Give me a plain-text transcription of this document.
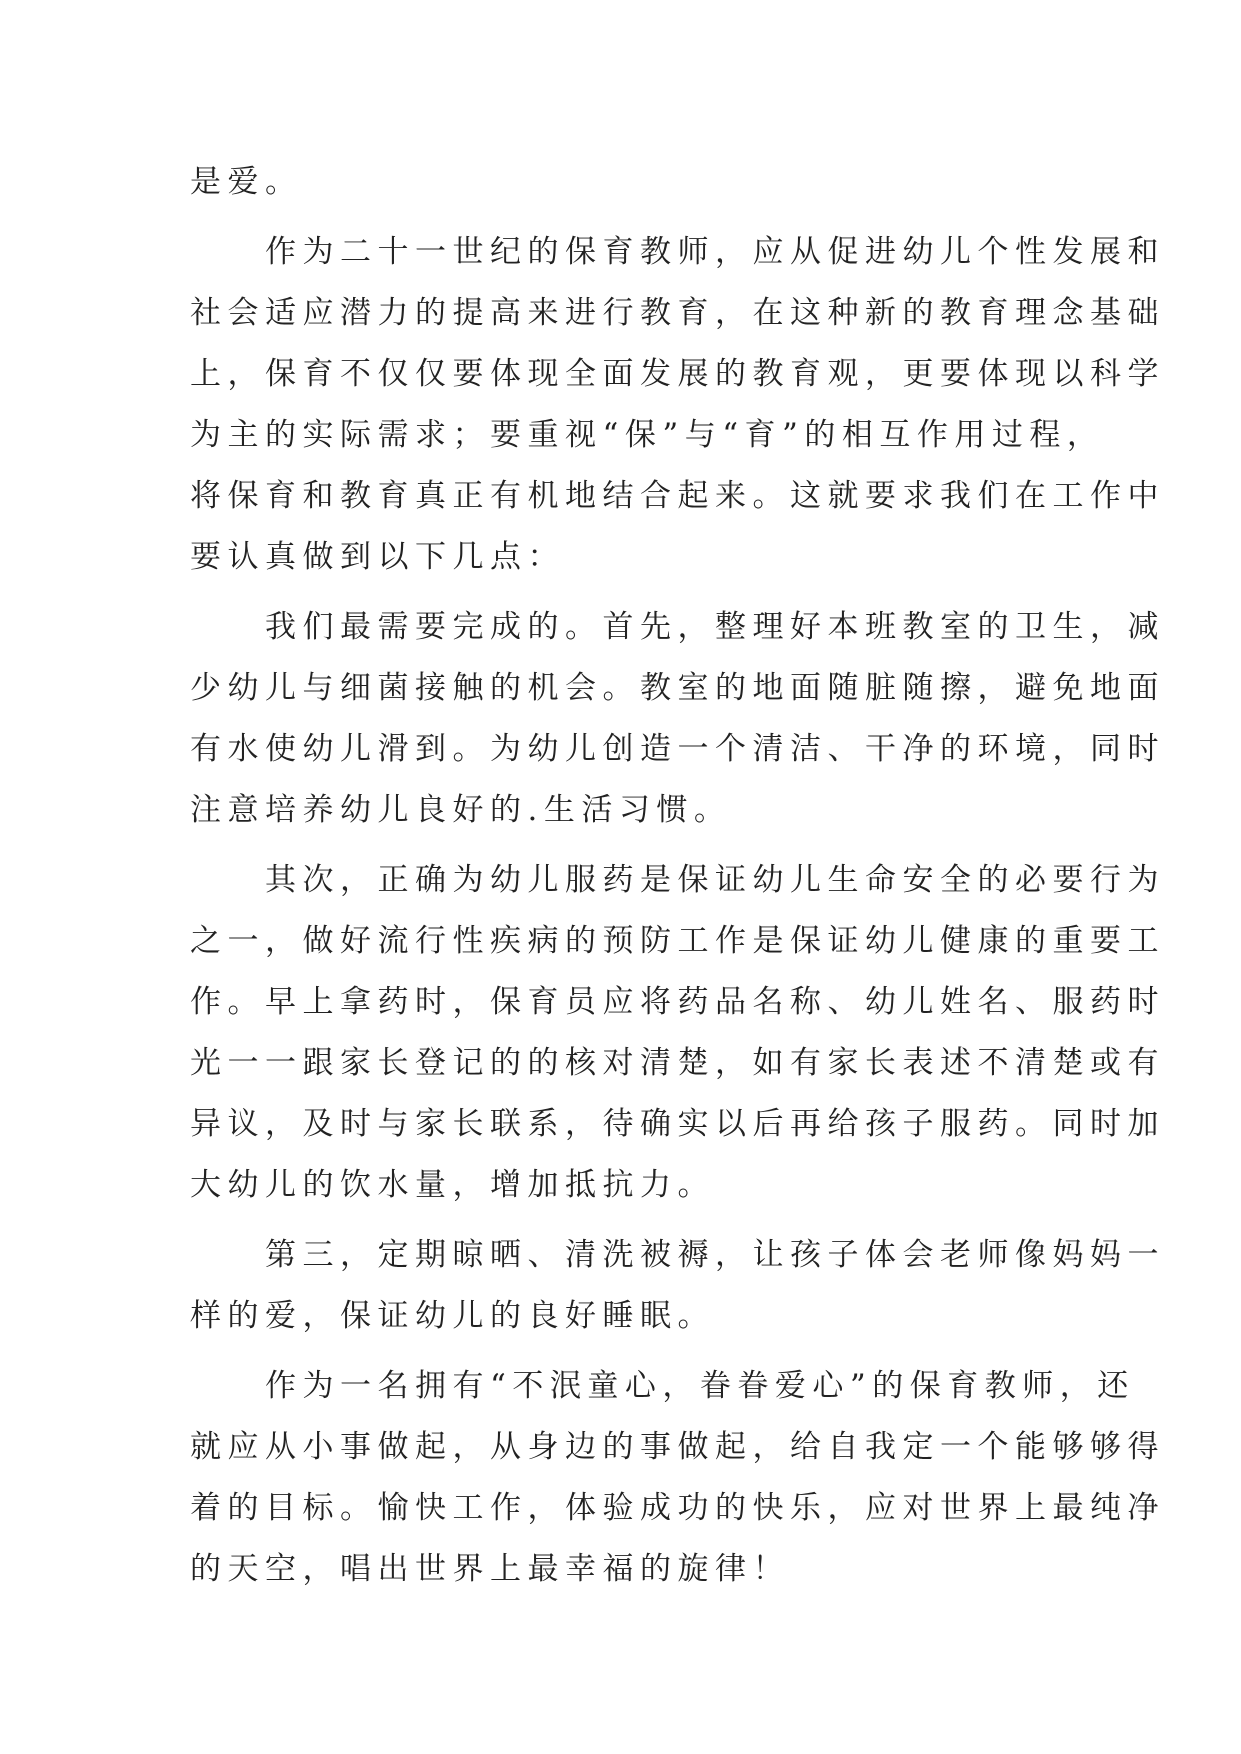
是爱。
　　作为二十一世纪的保育教师，应从促进幼儿个性发展和
社会适应潜力的提高来进行教育，在这种新的教育理念基础
上，保育不仅仅要体现全面发展的教育观，更要体现以科学
为主的实际需求；要重视“保”与“育”的相互作用过程，
将保育和教育真正有机地结合起来。这就要求我们在工作中
要认真做到以下几点：
　　我们最需要完成的。首先，整理好本班教室的卫生，减
少幼儿与细菌接触的机会。教室的地面随脏随擦，避免地面
有水使幼儿滑到。为幼儿创造一个清洁、干净的环境，同时
注意培养幼儿良好的.生活习惯。
　　其次，正确为幼儿服药是保证幼儿生命安全的必要行为
之一，做好流行性疾病的预防工作是保证幼儿健康的重要工
作。早上拿药时，保育员应将药品名称、幼儿姓名、服药时
光一一跟家长登记的的核对清楚，如有家长表述不清楚或有
异议，及时与家长联系，待确实以后再给孩子服药。同时加
大幼儿的饮水量，增加抵抗力。
　　第三，定期晾晒、清洗被褥，让孩子体会老师像妈妈一
样的爱，保证幼儿的良好睡眠。
　　作为一名拥有“不泯童心，眷眷爱心”的保育教师，还
就应从小事做起，从身边的事做起，给自我定一个能够够得
着的目标。愉快工作，体验成功的快乐，应对世界上最纯净
的天空，唱出世界上最幸福的旋律！
